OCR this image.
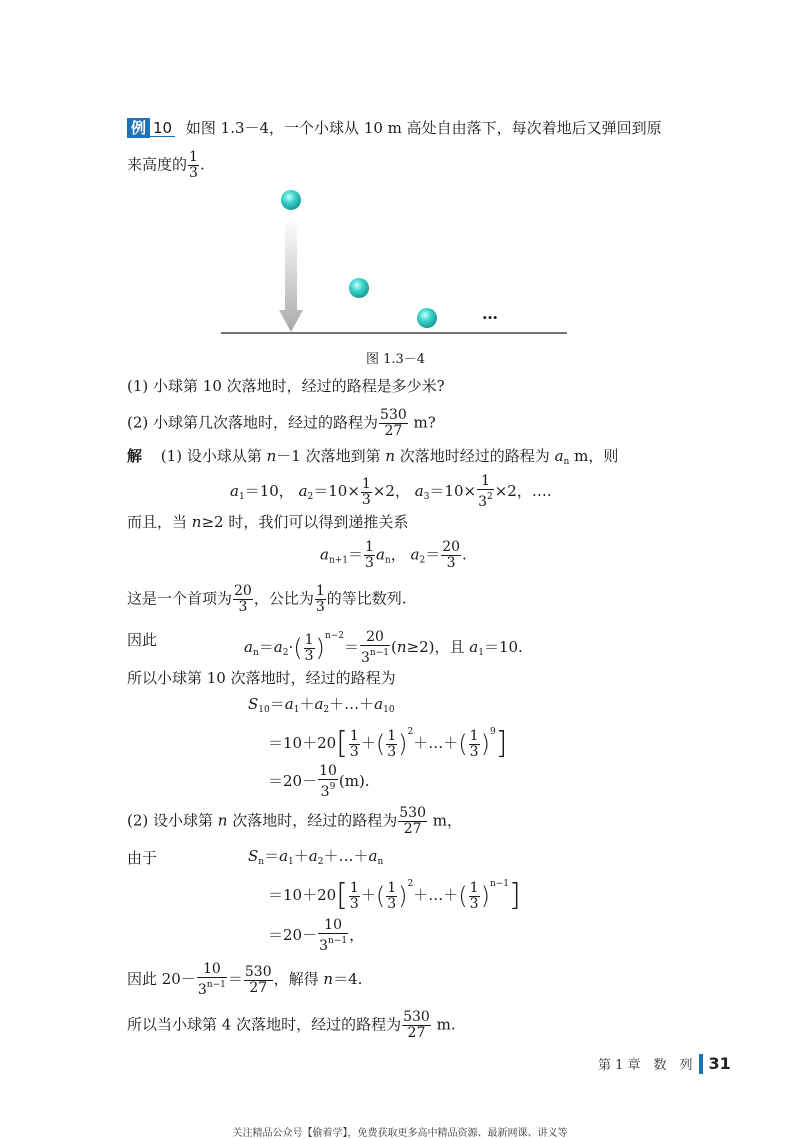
例 10 如图 1.3－4，一个小球从 10 m 高处自由落下，每次着地后又弹回到原
来高度的 $\frac{1}{3}$ .
…
图 1.3－4
(1) 小球第 10 次落地时，经过的路程是多少米?
(2) 小球第几次落地时，经过的路程为 $\frac{530}{27} m$?
解 (1) 设小球从第 n－1 次落地到第 n 次落地时经过的路程为 $a_n$ m，则
$a_1=10$， $a_2=10\times \frac{1}{3} \times 2$， $a_3=10\times \frac{1}{3^2} \times 2$，….
而且，当 n≥2 时，我们可以得到递推关系
$a_{n+1}= \frac{1}{3} a_n$， $a_2= \frac{20}{3}$ .
这是一个首项为 $\frac{20}{3}$ ，公比为 $\frac{1}{3}$ 的等比数列.
因此	$a_n=a_2\cdot( \frac{1}{3} )^{n-2}= \frac{20}{3^{n-1}} (n\ge 2)$，且 $a_1=10$.
所以小球第 10 次落地时，经过的路程为
$S_{10}=a_1+a_2+\dots+a_{10}$
$=10+20[ \frac{1}{3}$ ＋( $\frac{1}{3}$ )$^2$＋…＋( $\frac{1}{3} )^9$]
$=20- \frac{10}{3^9} (m)$.
(2) 设小球第 n 次落地时，经过的路程为 $\frac{530}{27}$ m，
由于	$S_n=a_1+a_2+\dots+a_n$
$=10+20[ \frac{1}{3}$ ＋( $\frac{1}{3}$ )$^2$＋…＋( $\frac{1}{3} )^{n-1}$]
$=20- \frac{10}{3^{n-1}}$ ，
因此 $20- \frac{10}{3^{n-1}} = \frac{530}{27}$ ，解得 n＝4.
所以当小球第 4 次落地时，经过的路程为 $\frac{530}{27} m$.
第 1 章　数　列 31
关注精品公众号【偷着学】，免费获取更多高中精品资源、最新网课、讲义等
